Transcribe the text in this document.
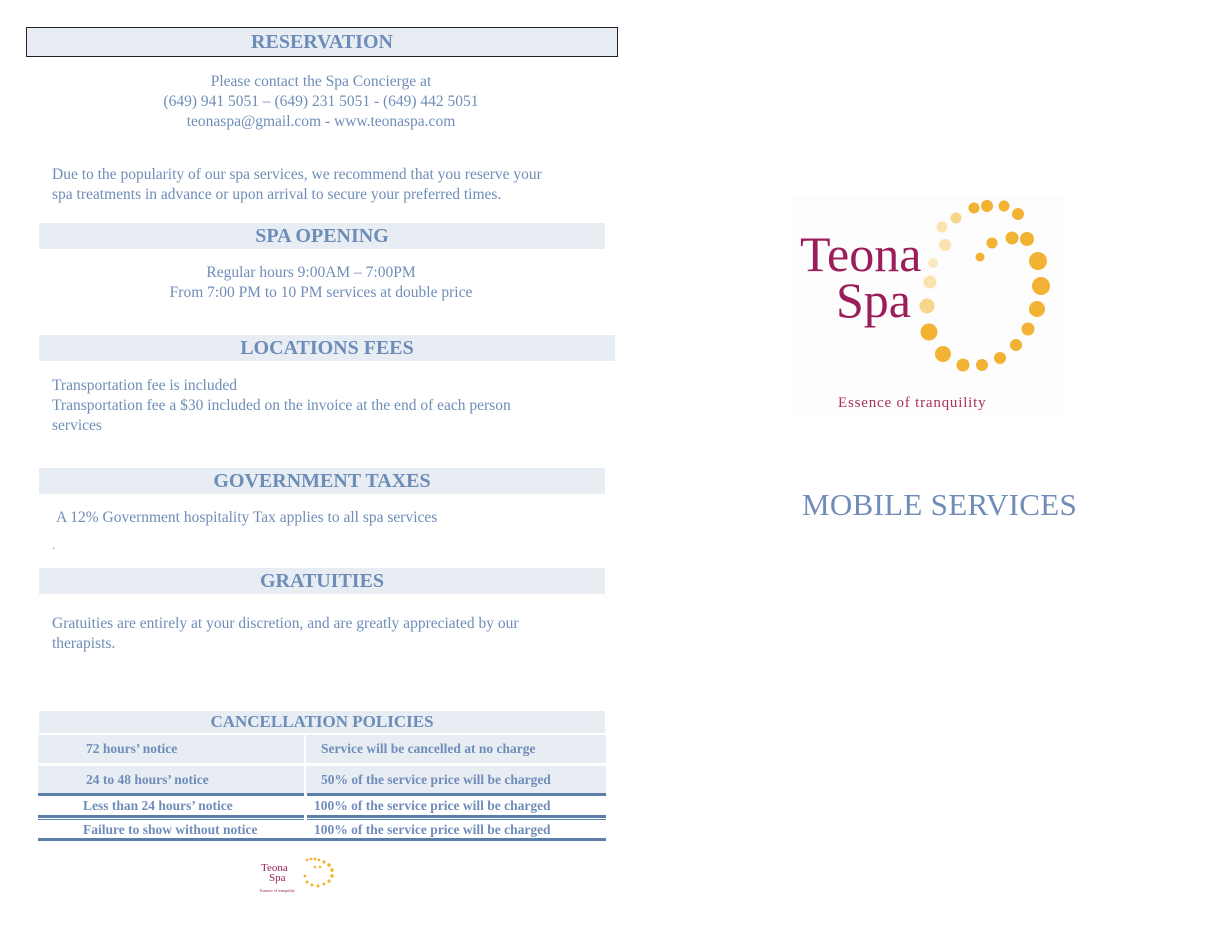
RESERVATION
Please contact the Spa Concierge at
(649) 941 5051 – (649) 231 5051 - (649) 442 5051
teonaspa@gmail.com - www.teonaspa.com
Due to the popularity of our spa services, we recommend that you reserve your
spa treatments in advance or upon arrival to secure your preferred times.
SPA OPENING
Regular hours 9:00AM – 7:00PM
From 7:00 PM to 10 PM services at double price
LOCATIONS FEES
Transportation fee is included
Transportation fee a $30 included on the invoice at the end of each person
services
GOVERNMENT TAXES
A 12% Government hospitality Tax applies to all spa services
.
GRATUITIES
Gratuities are entirely at your discretion, and are greatly appreciated by our
therapists.
CANCELLATION POLICIES
72 hours’ notice	Service will be cancelled at no charge
24 to 48 hours’ notice	50% of the service price will be charged
Less than 24 hours’ notice	100% of the service price will be charged
Failure to show without notice	100% of the service price will be charged
Teona
Spa
Essence of tranquility
Teona
Spa
Essence of tranquility
MOBILE SERVICES
